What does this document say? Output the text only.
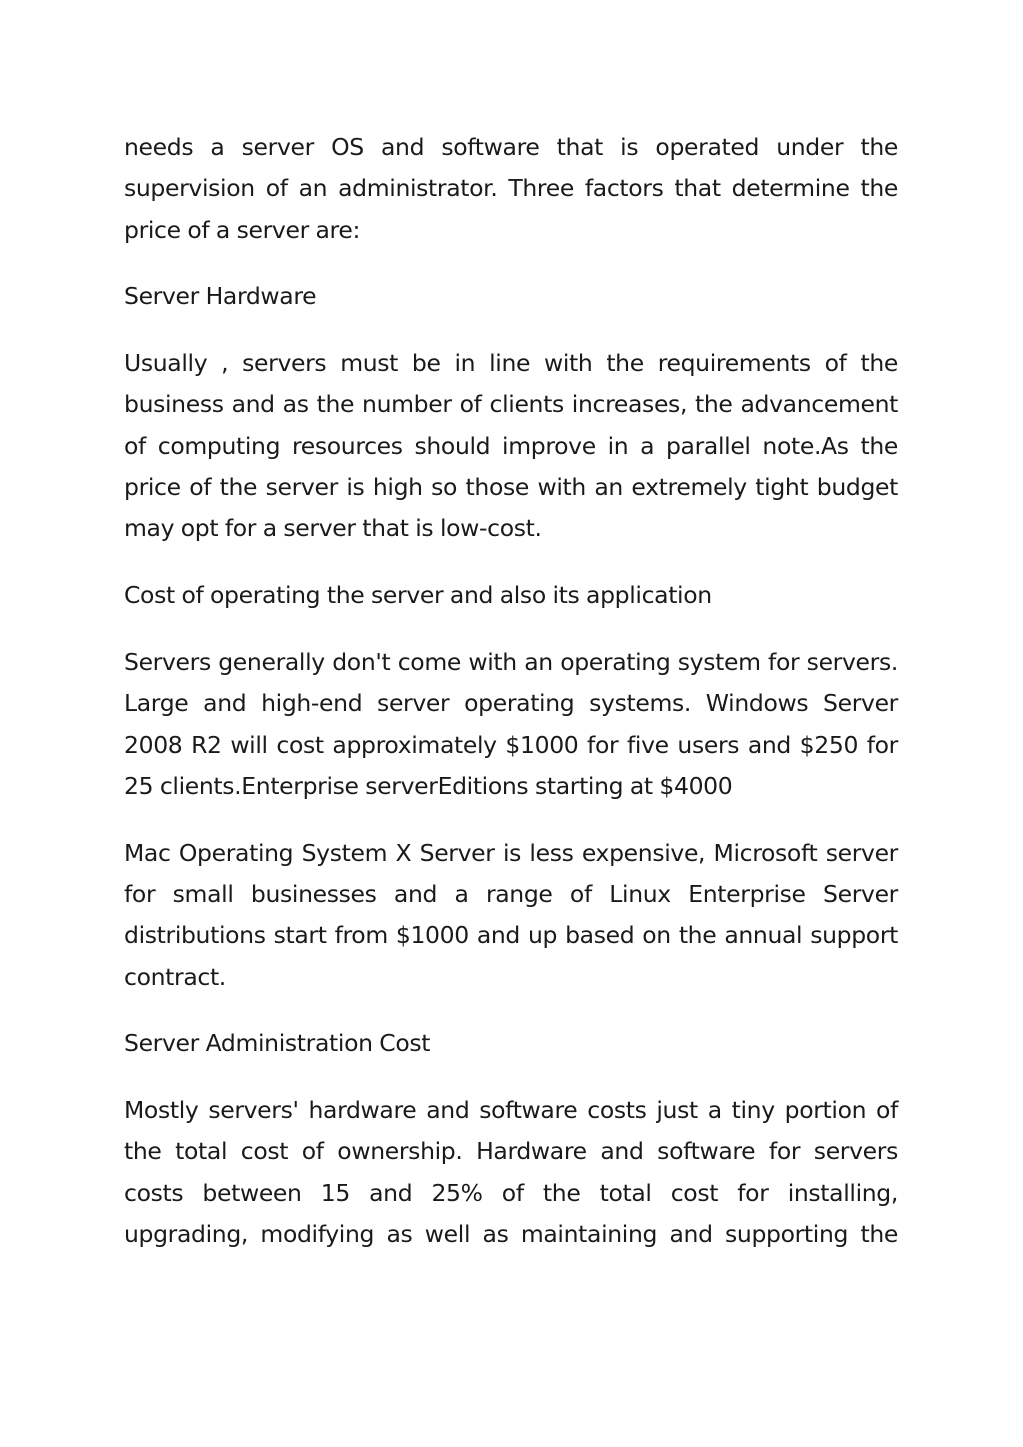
needs a server OS and software that is operated under the supervision of an administrator. Three factors that determine the price of a server are:

Server Hardware

Usually , servers must be in line with the requirements of the business and as the number of clients increases, the advancement of computing resources should improve in a parallel note.As the price of the server is high so those with an extremely tight budget may opt for a server that is low-cost.

Cost of operating the server and also its application

Servers generally don't come with an operating system for servers. Large and high-end server operating systems. Windows Server 2008 R2 will cost approximately $1000 for five users and $250 for 25 clients.Enterprise serverEditions starting at $4000

Mac Operating System X Server is less expensive, Microsoft server for small businesses and a range of Linux Enterprise Server distributions start from $1000 and up based on the annual support contract.

Server Administration Cost

Mostly servers' hardware and software costs just a tiny portion of the total cost of ownership. Hardware and software for servers costs between 15 and 25% of the total cost for installing, upgrading, modifying as well as maintaining and supporting the
